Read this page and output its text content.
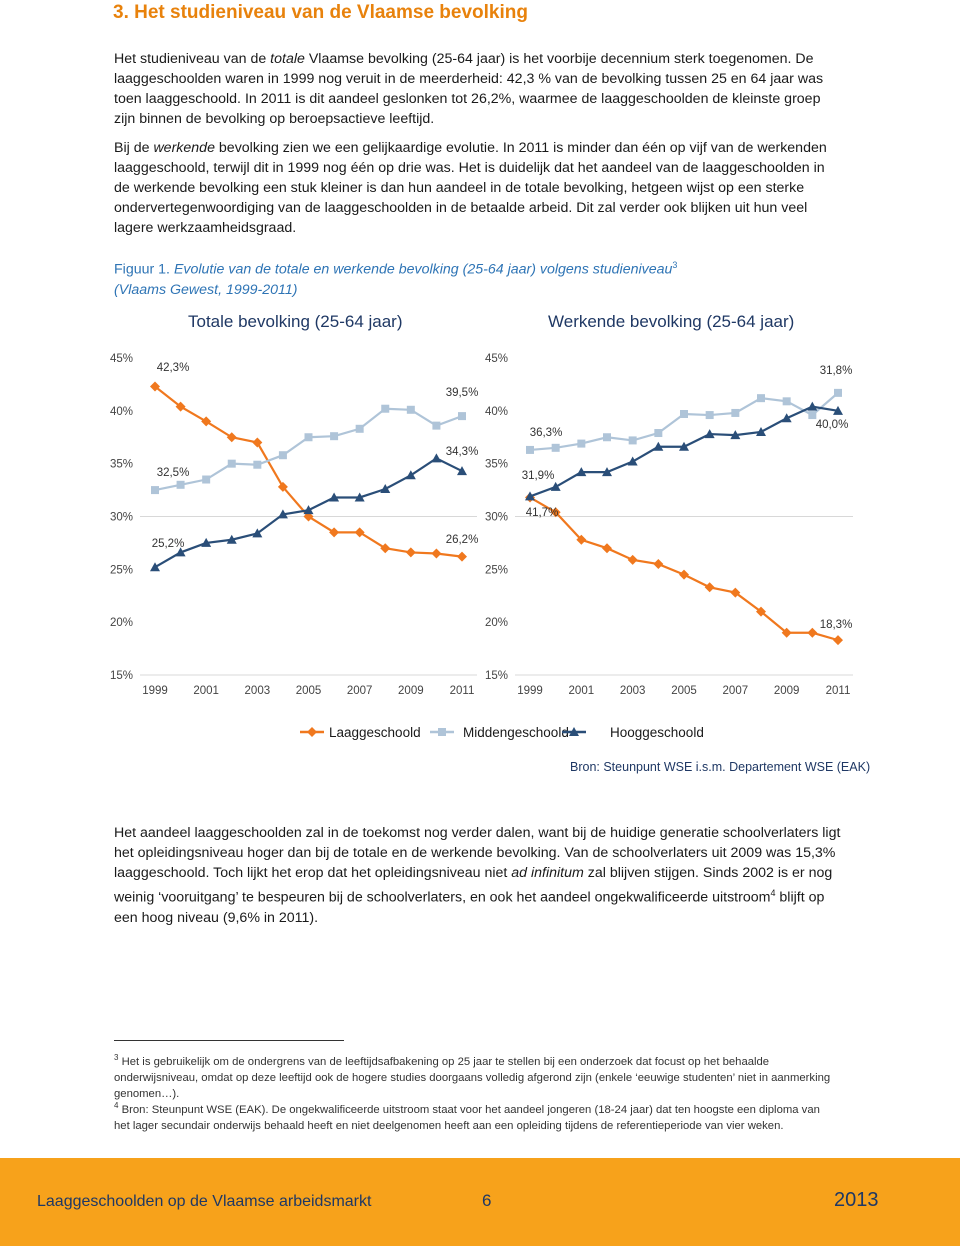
3. Het studieniveau van de Vlaamse bevolking

Het studieniveau van de totale Vlaamse bevolking (25-64 jaar) is het voorbije decennium sterk toegenomen. De laaggeschoolden waren in 1999 nog veruit in de meerderheid: 42,3 % van de bevolking tussen 25 en 64 jaar was toen laaggeschoold. In 2011 is dit aandeel geslonken tot 26,2%, waarmee de laaggeschoolden de kleinste groep zijn binnen de bevolking op beroepsactieve leeftijd.

Bij de werkende bevolking zien we een gelijkaardige evolutie. In 2011 is minder dan één op vijf van de werkenden laaggeschoold, terwijl dit in 1999 nog één op drie was. Het is duidelijk dat het aandeel van de laaggeschoolden in de werkende bevolking een stuk kleiner is dan hun aandeel in de totale bevolking, hetgeen wijst op een sterke ondervertegenwoordiging van de laaggeschoolden in de betaalde arbeid. Dit zal verder ook blijken uit hun veel lagere werkzaamheidsgraad.

Figuur 1. Evolutie van de totale en werkende bevolking (25-64 jaar) volgens studieniveau$^3$
(Vlaams Gewest, 1999-2011)
Totale bevolking (25-64 jaar)	Werkende bevolking (25-64 jaar)
15%
20%
25%
30%
35%
40%
45%
1999 2001 2003 2005 2007 2009 2011
42,3%
32,5%
25,2%
39,5%
34,3%
26,2%
15%
20%
25%
30%
35%
40%
45%
1999 2001 2003 2005 2007 2009 2011
31,8%
36,3%
31,9%
41,7%
40,0%
18,3%
Laaggeschoold	Middengeschoold	Hooggeschoold
Bron: Steunpunt WSE i.s.m. Departement WSE (EAK)

Het aandeel laaggeschoolden zal in de toekomst nog verder dalen, want bij de huidige generatie schoolverlaters ligt het opleidingsniveau hoger dan bij de totale en de werkende bevolking. Van de schoolverlaters uit 2009 was 15,3% laaggeschoold. Toch lijkt het erop dat het opleidingsniveau niet ad infinitum zal blijven stijgen. Sinds 2002 is er nog weinig ‘vooruitgang’ te bespeuren bij de schoolverlaters, en ook het aandeel ongekwalificeerde uitstroom$^4$ blijft op een hoog niveau (9,6% in 2011).

$^3$ Het is gebruikelijk om de ondergrens van de leeftijdsafbakening op 25 jaar te stellen bij een onderzoek dat focust op het behaalde onderwijsniveau, omdat op deze leeftijd ook de hogere studies doorgaans volledig afgerond zijn (enkele ‘eeuwige studenten’ niet in aanmerking genomen…).
$^4$ Bron: Steunpunt WSE (EAK). De ongekwalificeerde uitstroom staat voor het aandeel jongeren (18-24 jaar) dat ten hoogste een diploma van het lager secundair onderwijs behaald heeft en niet deelgenomen heeft aan een opleiding tijdens de referentieperiode van vier weken.
Laaggeschoolden op de Vlaamse arbeidsmarkt	6	2013
